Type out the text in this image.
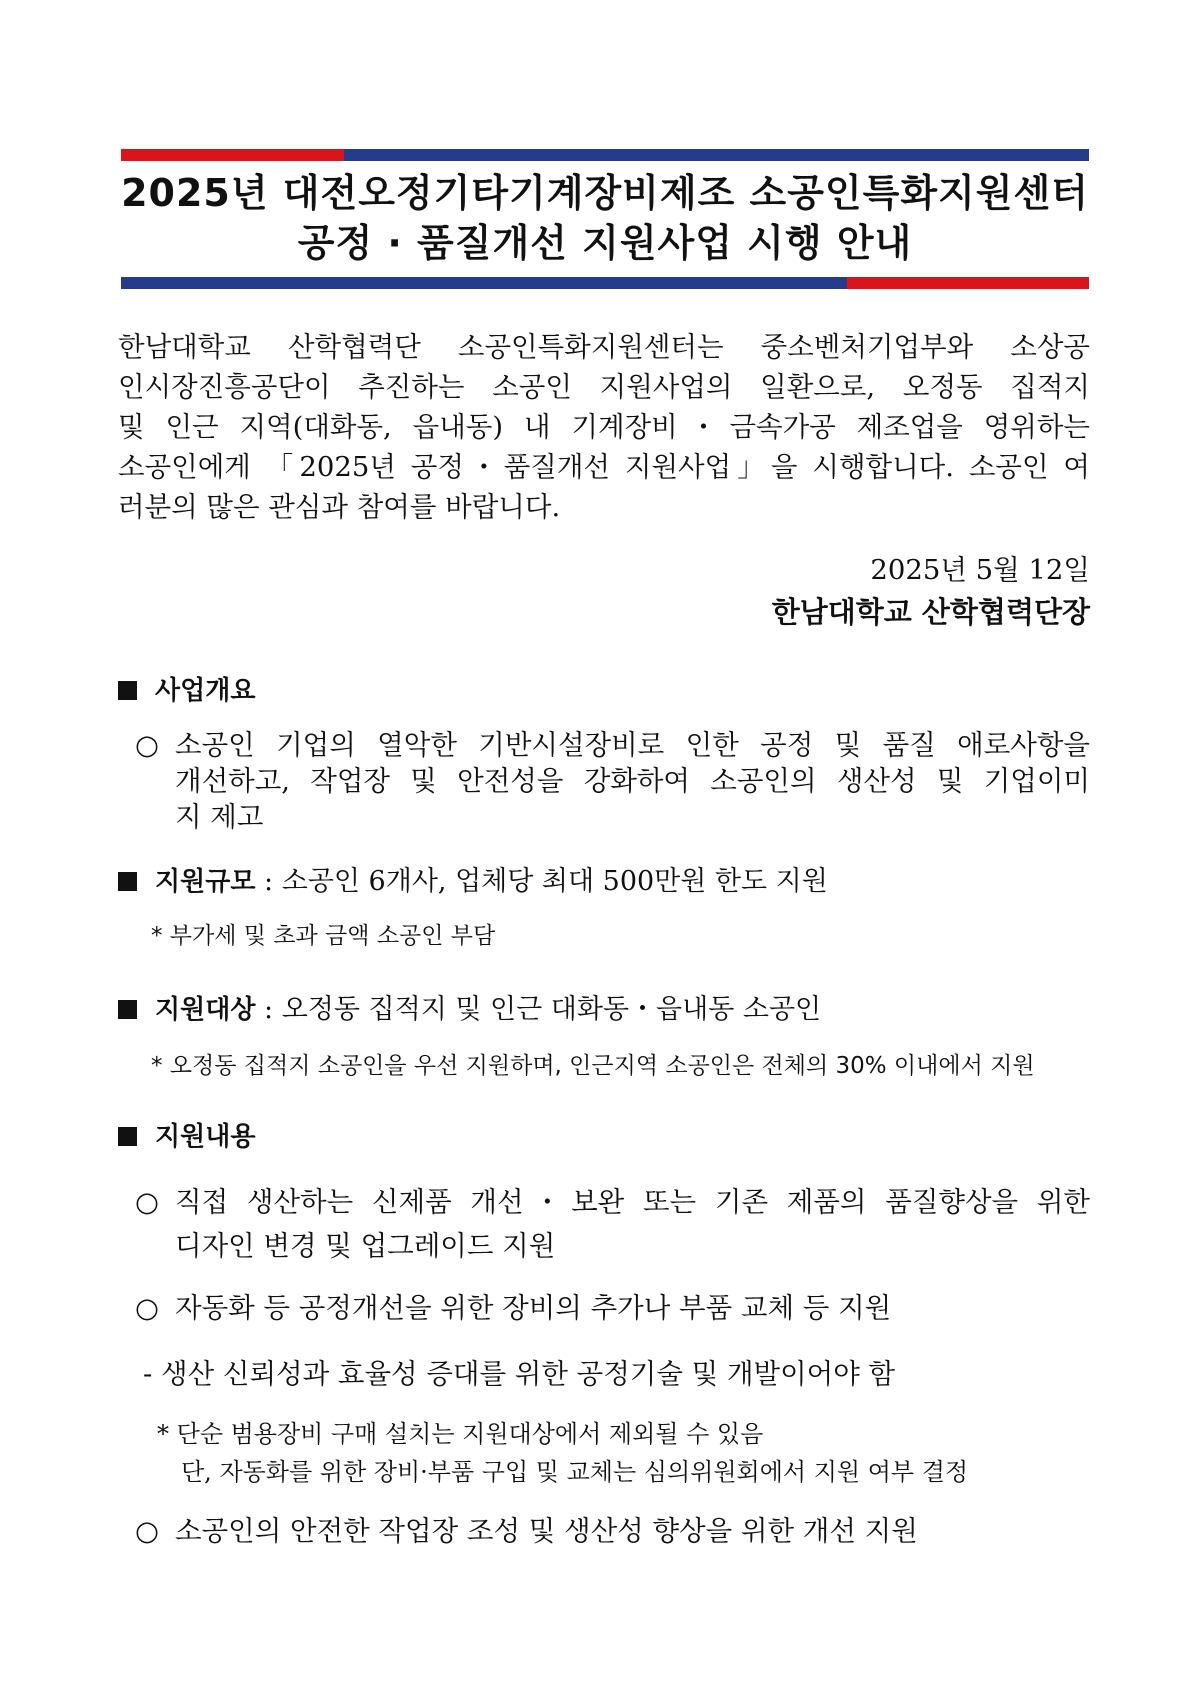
2025년 대전오정기타기계장비제조 소공인특화지원센터
공정 · 품질개선 지원사업 시행 안내
한남대학교 산학협력단 소공인특화지원센터는 중소벤처기업부와 소상공
인시장진흥공단이 추진하는 소공인 지원사업의 일환으로, 오정동 집적지
및 인근 지역(대화동, 읍내동) 내 기계장비・금속가공 제조업을 영위하는
소공인에게 「2025년 공정・품질개선 지원사업」을 시행합니다. 소공인 여
러분의 많은 관심과 참여를 바랍니다.
2025년 5월 12일
한남대학교 산학협력단장
사업개요
○ 소공인 기업의 열악한 기반시설장비로 인한 공정 및 품질 애로사항을
개선하고, 작업장 및 안전성을 강화하여 소공인의 생산성 및 기업이미
지 제고
지원규모 : 소공인 6개사, 업체당 최대 500만원 한도 지원
* 부가세 및 초과 금액 소공인 부담
지원대상 : 오정동 집적지 및 인근 대화동・읍내동 소공인
* 오정동 집적지 소공인을 우선 지원하며, 인근지역 소공인은 전체의 30% 이내에서 지원
지원내용
○ 직접 생산하는 신제품 개선・보완 또는 기존 제품의 품질향상을 위한
디자인 변경 및 업그레이드 지원
○ 자동화 등 공정개선을 위한 장비의 추가나 부품 교체 등 지원
- 생산 신뢰성과 효율성 증대를 위한 공정기술 및 개발이어야 함
* 단순 범용장비 구매 설치는 지원대상에서 제외될 수 있음
단, 자동화를 위한 장비·부품 구입 및 교체는 심의위원회에서 지원 여부 결정
○ 소공인의 안전한 작업장 조성 및 생산성 향상을 위한 개선 지원
